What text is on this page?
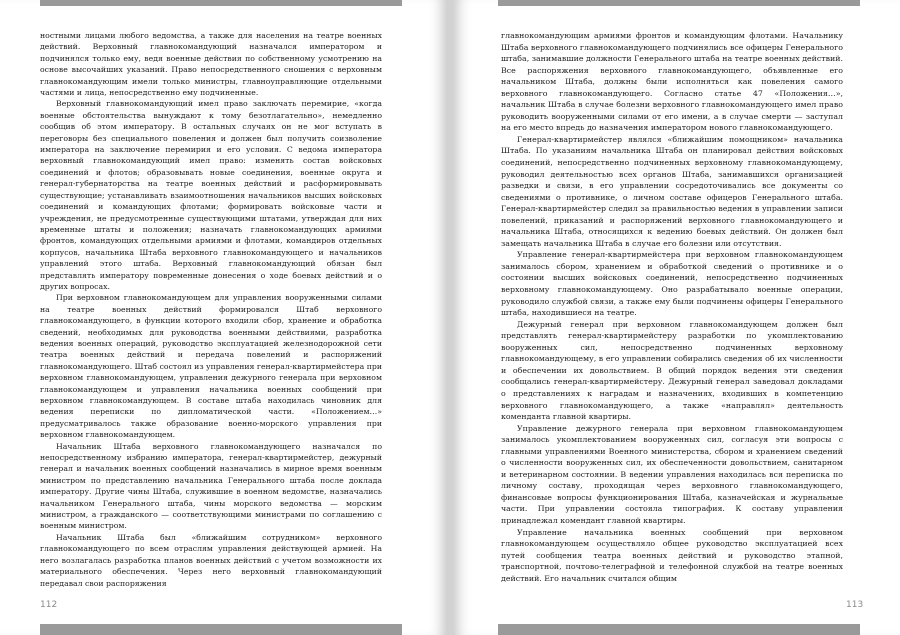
ностными лицами любого ведомства, а также для населения на театре военных действий. Верховный главнокомандующий назначался императором и подчинялся только ему, ведя военные действия по собственному усмотрению на основе высочайших указаний. Право непосредственного сношения с верховным главнокомандующим имели только министры, главноуправляющие отдельными частями и лица, непосредственно ему подчиненные.

Верховный главнокомандующий имел право заключать перемирие, «когда военные обстоятельства вынуждают к тому безотлагательно», немедленно сообщив об этом императору. В остальных случаях он не мог вступать в переговоры без специального повеления и должен был получить соизволение императора на заключение перемирия и его условия. С ведома императора верховный главнокомандующий имел право: изменять состав войсковых соединений и флотов; образовывать новые соединения, военные округа и генерал-губернаторства на театре военных действий и расформировывать существующие; устанавливать взаимоотношения начальников высших войсковых соединений и командующих флотами; формировать войсковые части и учреждения, не предусмотренные существующими штатами, утверждая для них временные штаты и положения; назначать главнокомандующих армиями фронтов, командующих отдельными армиями и флотами, командиров отдельных корпусов, начальника Штаба верховного главнокомандующего и начальников управлений этого штаба. Верховный главнокомандующий обязан был представлять императору повременные донесения о ходе боевых действий и о других вопросах.

При верховном главнокомандующем для управления вооруженными силами на театре военных действий формировался Штаб верховного главнокомандующего, в функции которого входили сбор, хранение и обработка сведений, необходимых для руководства военными действиями, разработка ведения военных операций, руководство эксплуатацией железнодорожной сети театра военных действий и передача повелений и распоряжений главнокомандующего. Штаб состоял из управления генерал-квартирмейстера при верховном главнокомандующем, управления дежурного генерала при верховном главнокомандующем и управления начальника военных сообщений при верховном главнокомандующем. В составе штаба находилась чиновник для ведения переписки по дипломатической части. «Положением…» предусматривалось также образование военно-морского управления при верховном главнокомандующем.

Начальник Штаба верховного главнокомандующего назначался по непосредственному избранию императора, генерал-квартирмейстер, дежурный генерал и начальник военных сообщений назначались в мирное время военным министром по представлению начальника Генерального штаба после доклада императору. Другие чины Штаба, служившие в военном ведомстве, назначались начальником Генерального штаба, чины морского ведомства — морским министром, а гражданского — соответствующими министрами по соглашению с военным министром.

Начальник Штаба был «ближайшим сотрудником» верховного главнокомандующего по всем отраслям управления действующей армией. На него возлагалась разработка планов военных действий с учетом возможности их материального обеспечения. Через него верховный главнокомандующий передавал свои распоряжения

112

главнокомандующим армиями фронтов и командующим флотами. Начальнику Штаба верховного главнокомандующего подчинялись все офицеры Генерального штаба, занимавшие должности Генерального штаба на театре военных действий. Все распоряжения верховного главнокомандующего, объявленные его начальником Штаба, должны были исполняться как повеления самого верховного главнокомандующего. Согласно статье 47 «Положения…», начальник Штаба в случае болезни верховного главнокомандующего имел право руководить вооруженными силами от его имени, а в случае смерти — заступал на его место впредь до назначения императором нового главнокомандующего.

Генерал-квартирмейстер являлся «ближайшим помощником» начальника Штаба. По указаниям начальника Штаба он планировал действия войсковых соединений, непосредственно подчиненных верховному главнокомандующему, руководил деятельностью всех органов Штаба, занимавшихся организацией разведки и связи, в его управлении сосредоточивались все документы со сведениями о противнике, о личном составе офицеров Генерального штаба. Генерал-квартирмейстер следил за правильностью ведения в управлении записи повелений, приказаний и распоряжений верховного главнокомандующего и начальника Штаба, относящихся к ведению боевых действий. Он должен был замещать начальника Штаба в случае его болезни или отсутствия.

Управление генерал-квартирмейстера при верховном главнокомандующем занималось сбором, хранением и обработкой сведений о противнике и о состоянии высших войсковых соединений, непосредственно подчиненных верховному главнокомандующему. Оно разрабатывало военные операции, руководило службой связи, а также ему были подчинены офицеры Генерального штаба, находившиеся на театре.

Дежурный генерал при верховном главнокомандующем должен был представлять генерал-квартирмейстеру разработки по укомплектованию вооруженных сил, непосредственно подчиненных верховному главнокомандующему, в его управлении собирались сведения об их численности и обеспечении их довольствием. В общий порядок ведения эти сведения сообщались генерал-квартирмейстеру. Дежурный генерал заведовал докладами о представлениях к наградам и назначениях, входивших в компетенцию верховного главнокомандующего, а также «направлял» деятельность коменданта главной квартиры.

Управление дежурного генерала при верховном главнокомандующем занималось укомплектованием вооруженных сил, согласуя эти вопросы с главными управлениями Военного министерства, сбором и хранением сведений о численности вооруженных сил, их обеспеченности довольствием, санитарном и ветеринарном состоянии. В ведении управления находилась вся переписка по личному составу, проходящая через верховного главнокомандующего, финансовые вопросы функционирования Штаба, казначейская и журнальные части. При управлении состояла типография. К составу управления принадлежал комендант главной квартиры.

Управление начальника военных сообщений при верховном главнокомандующем осуществляло общее руководство эксплуатацией всех путей сообщения театра военных действий и руководство этапной, транспортной, почтово-телеграфной и телефонной службой на театре военных действий. Его начальник считался общим

113
